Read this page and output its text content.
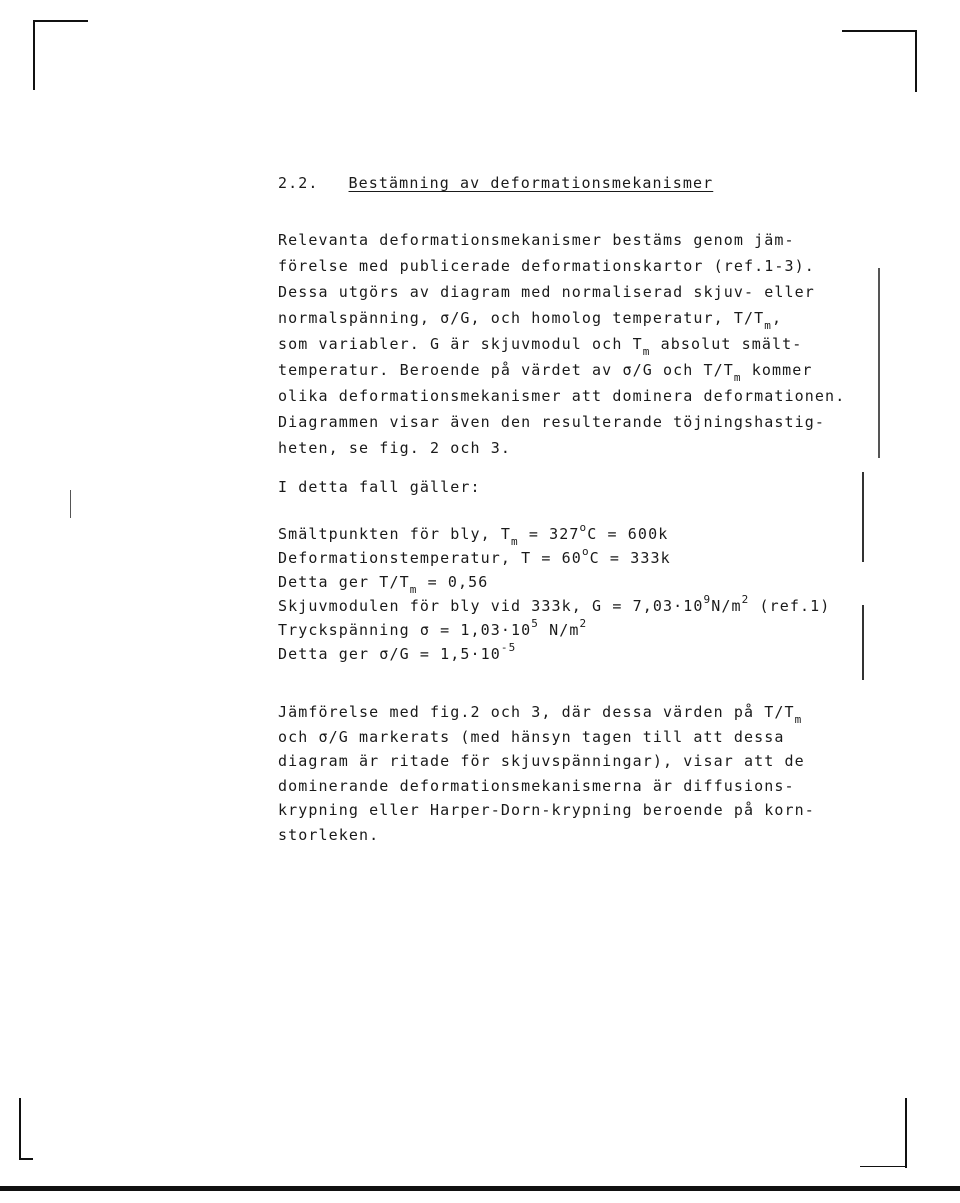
2.2. Bestämning av deformationsmekanismer
Relevanta deformationsmekanismer bestäms genom jäm-
förelse med publicerade deformationskartor (ref.1-3).
Dessa utgörs av diagram med normaliserad skjuv- eller
normalspänning, σ/G, och homolog temperatur, $T/T_m$,
som variabler. G är skjuvmodul och $T_m$ absolut smält-
temperatur. Beroende på värdet av σ/G och $T/T_m$ kommer
olika deformationsmekanismer att dominera deformationen.
Diagrammen visar även den resulterande töjningshastig-
heten, se fig. 2 och 3.
I detta fall gäller:
Smältpunkten för bly, $T_m = 327^oC = 600k$
Deformationstemperatur, $T = 60^oC = 333k$
Detta ger $T/T_m = 0,56$
Skjuvmodulen för bly vid 333k, $G = 7,03\cdot 10^9N/m^2$ (ref.1)
Tryckspänning $\sigma = 1,03\cdot 10^5$ $N/m^2$
Detta ger $\sigma/G = 1,5\cdot 10^{-5}$
Jämförelse med fig.2 och 3, där dessa värden på $T/T_m$
och σ/G markerats (med hänsyn tagen till att dessa
diagram är ritade för skjuvspänningar), visar att de
dominerande deformationsmekanismerna är diffusions-
krypning eller Harper-Dorn-krypning beroende på korn-
storleken.
